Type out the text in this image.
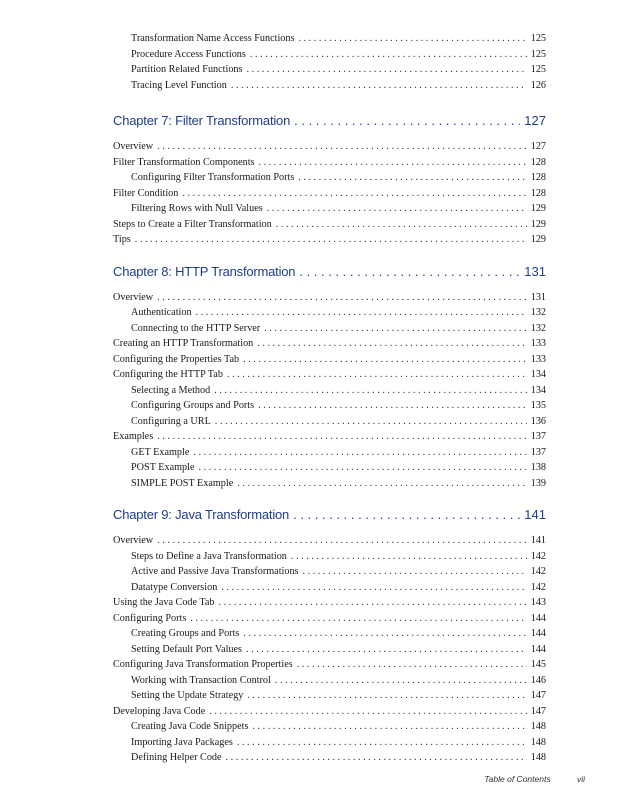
Transformation Name Access Functions . . .	125
Procedure Access Functions . . .	125
Partition Related Functions . . .	125
Tracing Level Function . . .	126
Chapter 7: Filter Transformation . . .	127
Overview . . .	127
Filter Transformation Components . . .	128
Configuring Filter Transformation Ports . . .	128
Filter Condition . . .	128
Filtering Rows with Null Values . . .	129
Steps to Create a Filter Transformation . . .	129
Tips . . .	129
Chapter 8: HTTP Transformation . . .	131
Overview . . .	131
Authentication . . .	132
Connecting to the HTTP Server . . .	132
Creating an HTTP Transformation . . .	133
Configuring the Properties Tab . . .	133
Configuring the HTTP Tab . . .	134
Selecting a Method . . .	134
Configuring Groups and Ports . . .	135
Configuring a URL . . .	136
Examples . . .	137
GET Example . . .	137
POST Example . . .	138
SIMPLE POST Example . . .	139
Chapter 9: Java Transformation . . .	141
Overview . . .	141
Steps to Define a Java Transformation . . .	142
Active and Passive Java Transformations . . .	142
Datatype Conversion . . .	142
Using the Java Code Tab . . .	143
Configuring Ports . . .	144
Creating Groups and Ports . . .	144
Setting Default Port Values . . .	144
Configuring Java Transformation Properties . . .	145
Working with Transaction Control . . .	146
Setting the Update Strategy . . .	147
Developing Java Code . . .	147
Creating Java Code Snippets . . .	148
Importing Java Packages . . .	148
Defining Helper Code . . .	148
Table of Contents	vii
